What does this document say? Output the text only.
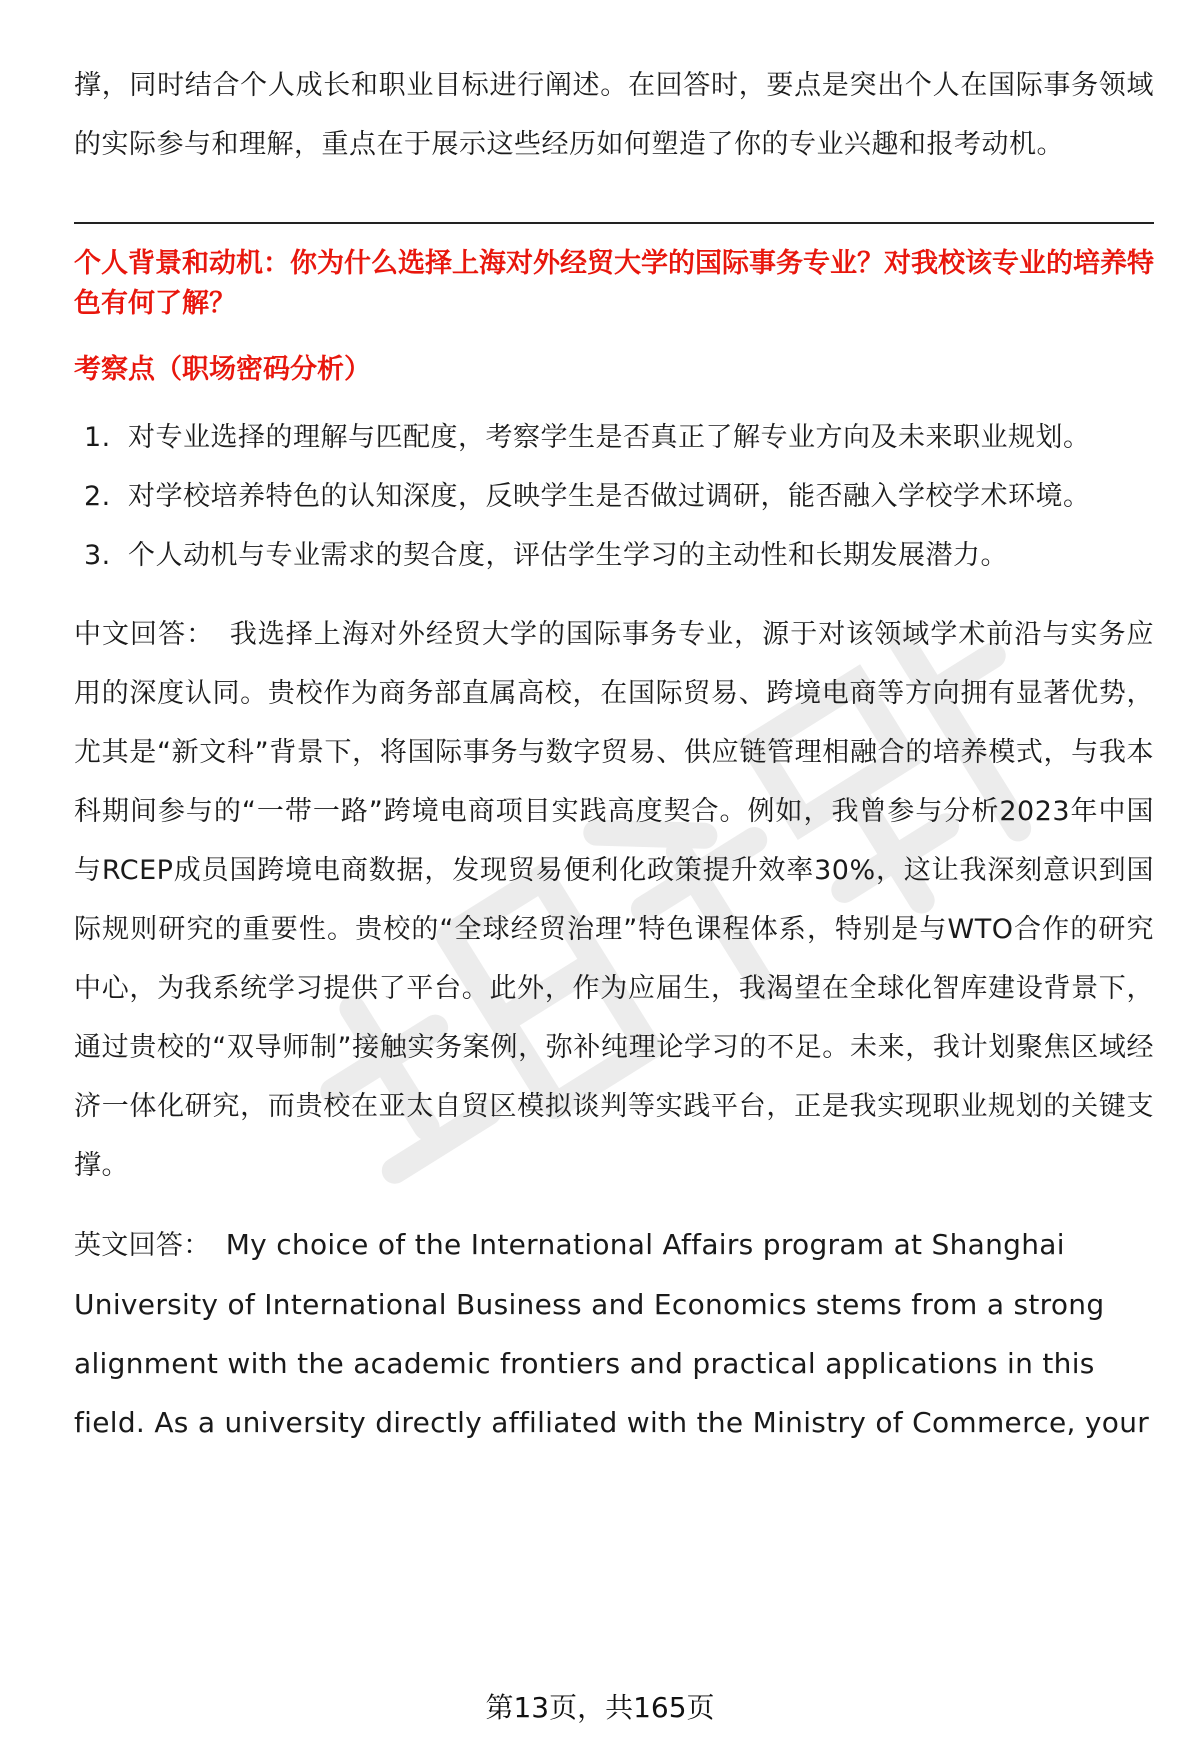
撑，同时结合个人成长和职业目标进行阐述。在回答时，要点是突出个人在国际事务领域的实际参与和理解，重点在于展示这些经历如何塑造了你的专业兴趣和报考动机。

个人背景和动机：你为什么选择上海对外经贸大学的国际事务专业？对我校该专业的培养特色有何了解？

考察点（职场密码分析）

1. 对专业选择的理解与匹配度，考察学生是否真正了解专业方向及未来职业规划。
2. 对学校培养特色的认知深度，反映学生是否做过调研，能否融入学校学术环境。
3. 个人动机与专业需求的契合度，评估学生学习的主动性和长期发展潜力。

中文回答： 我选择上海对外经贸大学的国际事务专业，源于对该领域学术前沿与实务应用的深度认同。贵校作为商务部直属高校，在国际贸易、跨境电商等方向拥有显著优势，尤其是“新文科”背景下，将国际事务与数字贸易、供应链管理相融合的培养模式，与我本科期间参与的“一带一路”跨境电商项目实践高度契合。例如，我曾参与分析2023年中国与RCEP成员国跨境电商数据，发现贸易便利化政策提升效率30%，这让我深刻意识到国际规则研究的重要性。贵校的“全球经贸治理”特色课程体系，特别是与WTO合作的研究中心，为我系统学习提供了平台。此外，作为应届生，我渴望在全球化智库建设背景下，通过贵校的“双导师制”接触实务案例，弥补纯理论学习的不足。未来，我计划聚焦区域经济一体化研究，而贵校在亚太自贸区模拟谈判等实践平台，正是我实现职业规划的关键支撑。

英文回答： My choice of the International Affairs program at Shanghai University of International Business and Economics stems from a strong alignment with the academic frontiers and practical applications in this field. As a university directly affiliated with the Ministry of Commerce, your

第13页，共165页
